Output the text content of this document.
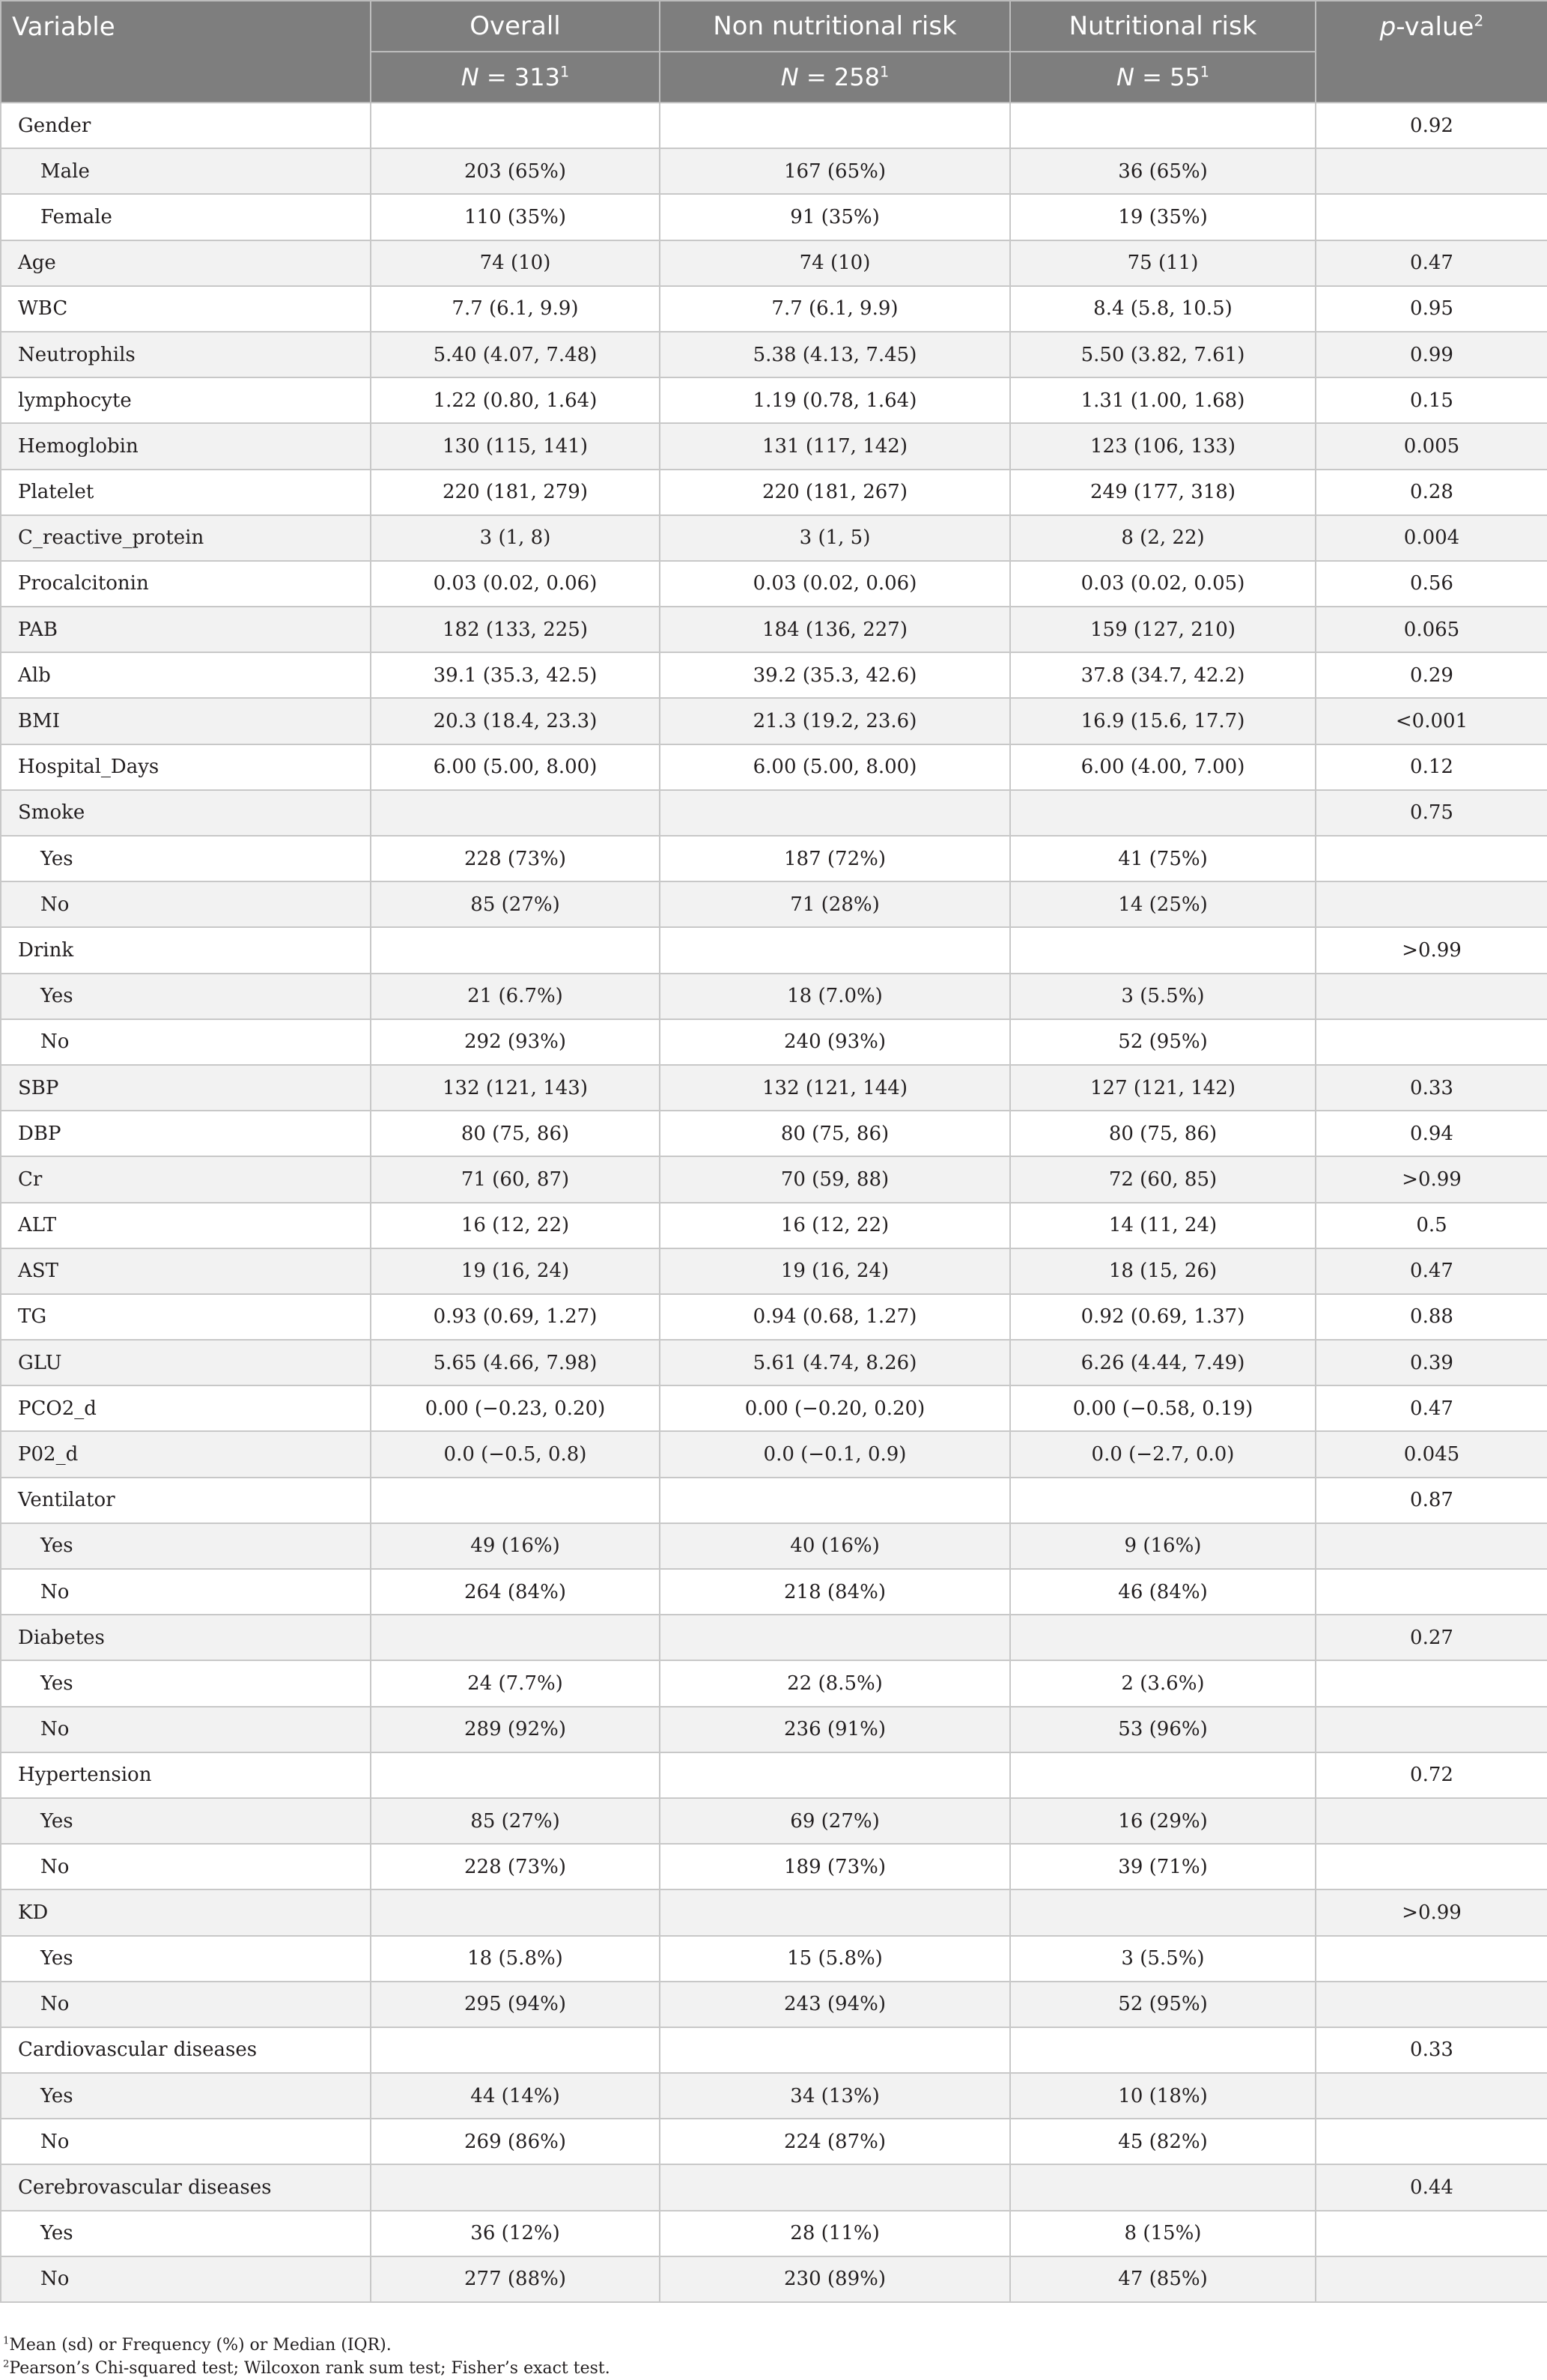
Variable	Overall	Non nutritional risk	Nutritional risk	p-value$^2$
	$N = 313^1$	$N = 258^1$	$N = 55^1$
Gender				0.92
Male	203 (65%)	167 (65%)	36 (65%)	
Female	110 (35%)	91 (35%)	19 (35%)	
Age	74 (10)	74 (10)	75 (11)	0.47
WBC	7.7 (6.1, 9.9)	7.7 (6.1, 9.9)	8.4 (5.8, 10.5)	0.95
Neutrophils	5.40 (4.07, 7.48)	5.38 (4.13, 7.45)	5.50 (3.82, 7.61)	0.99
lymphocyte	1.22 (0.80, 1.64)	1.19 (0.78, 1.64)	1.31 (1.00, 1.68)	0.15
Hemoglobin	130 (115, 141)	131 (117, 142)	123 (106, 133)	0.005
Platelet	220 (181, 279)	220 (181, 267)	249 (177, 318)	0.28
C_reactive_protein	3 (1, 8)	3 (1, 5)	8 (2, 22)	0.004
Procalcitonin	0.03 (0.02, 0.06)	0.03 (0.02, 0.06)	0.03 (0.02, 0.05)	0.56
PAB	182 (133, 225)	184 (136, 227)	159 (127, 210)	0.065
Alb	39.1 (35.3, 42.5)	39.2 (35.3, 42.6)	37.8 (34.7, 42.2)	0.29
BMI	20.3 (18.4, 23.3)	21.3 (19.2, 23.6)	16.9 (15.6, 17.7)	<0.001
Hospital_Days	6.00 (5.00, 8.00)	6.00 (5.00, 8.00)	6.00 (4.00, 7.00)	0.12
Smoke				0.75
Yes	228 (73%)	187 (72%)	41 (75%)	
No	85 (27%)	71 (28%)	14 (25%)	
Drink				>0.99
Yes	21 (6.7%)	18 (7.0%)	3 (5.5%)	
No	292 (93%)	240 (93%)	52 (95%)	
SBP	132 (121, 143)	132 (121, 144)	127 (121, 142)	0.33
DBP	80 (75, 86)	80 (75, 86)	80 (75, 86)	0.94
Cr	71 (60, 87)	70 (59, 88)	72 (60, 85)	>0.99
ALT	16 (12, 22)	16 (12, 22)	14 (11, 24)	0.5
AST	19 (16, 24)	19 (16, 24)	18 (15, 26)	0.47
TG	0.93 (0.69, 1.27)	0.94 (0.68, 1.27)	0.92 (0.69, 1.37)	0.88
GLU	5.65 (4.66, 7.98)	5.61 (4.74, 8.26)	6.26 (4.44, 7.49)	0.39
PCO2_d	0.00 (−0.23, 0.20)	0.00 (−0.20, 0.20)	0.00 (−0.58, 0.19)	0.47
P02_d	0.0 (−0.5, 0.8)	0.0 (−0.1, 0.9)	0.0 (−2.7, 0.0)	0.045
Ventilator				0.87
Yes	49 (16%)	40 (16%)	9 (16%)	
No	264 (84%)	218 (84%)	46 (84%)	
Diabetes				0.27
Yes	24 (7.7%)	22 (8.5%)	2 (3.6%)	
No	289 (92%)	236 (91%)	53 (96%)	
Hypertension				0.72
Yes	85 (27%)	69 (27%)	16 (29%)	
No	228 (73%)	189 (73%)	39 (71%)	
KD				>0.99
Yes	18 (5.8%)	15 (5.8%)	3 (5.5%)	
No	295 (94%)	243 (94%)	52 (95%)	
Cardiovascular diseases				0.33
Yes	44 (14%)	34 (13%)	10 (18%)	
No	269 (86%)	224 (87%)	45 (82%)	
Cerebrovascular diseases				0.44
Yes	36 (12%)	28 (11%)	8 (15%)	
No	277 (88%)	230 (89%)	47 (85%)	
$^1$Mean (sd) or Frequency (%) or Median (IQR).
$^2$Pearson’s Chi-squared test; Wilcoxon rank sum test; Fisher’s exact test.
